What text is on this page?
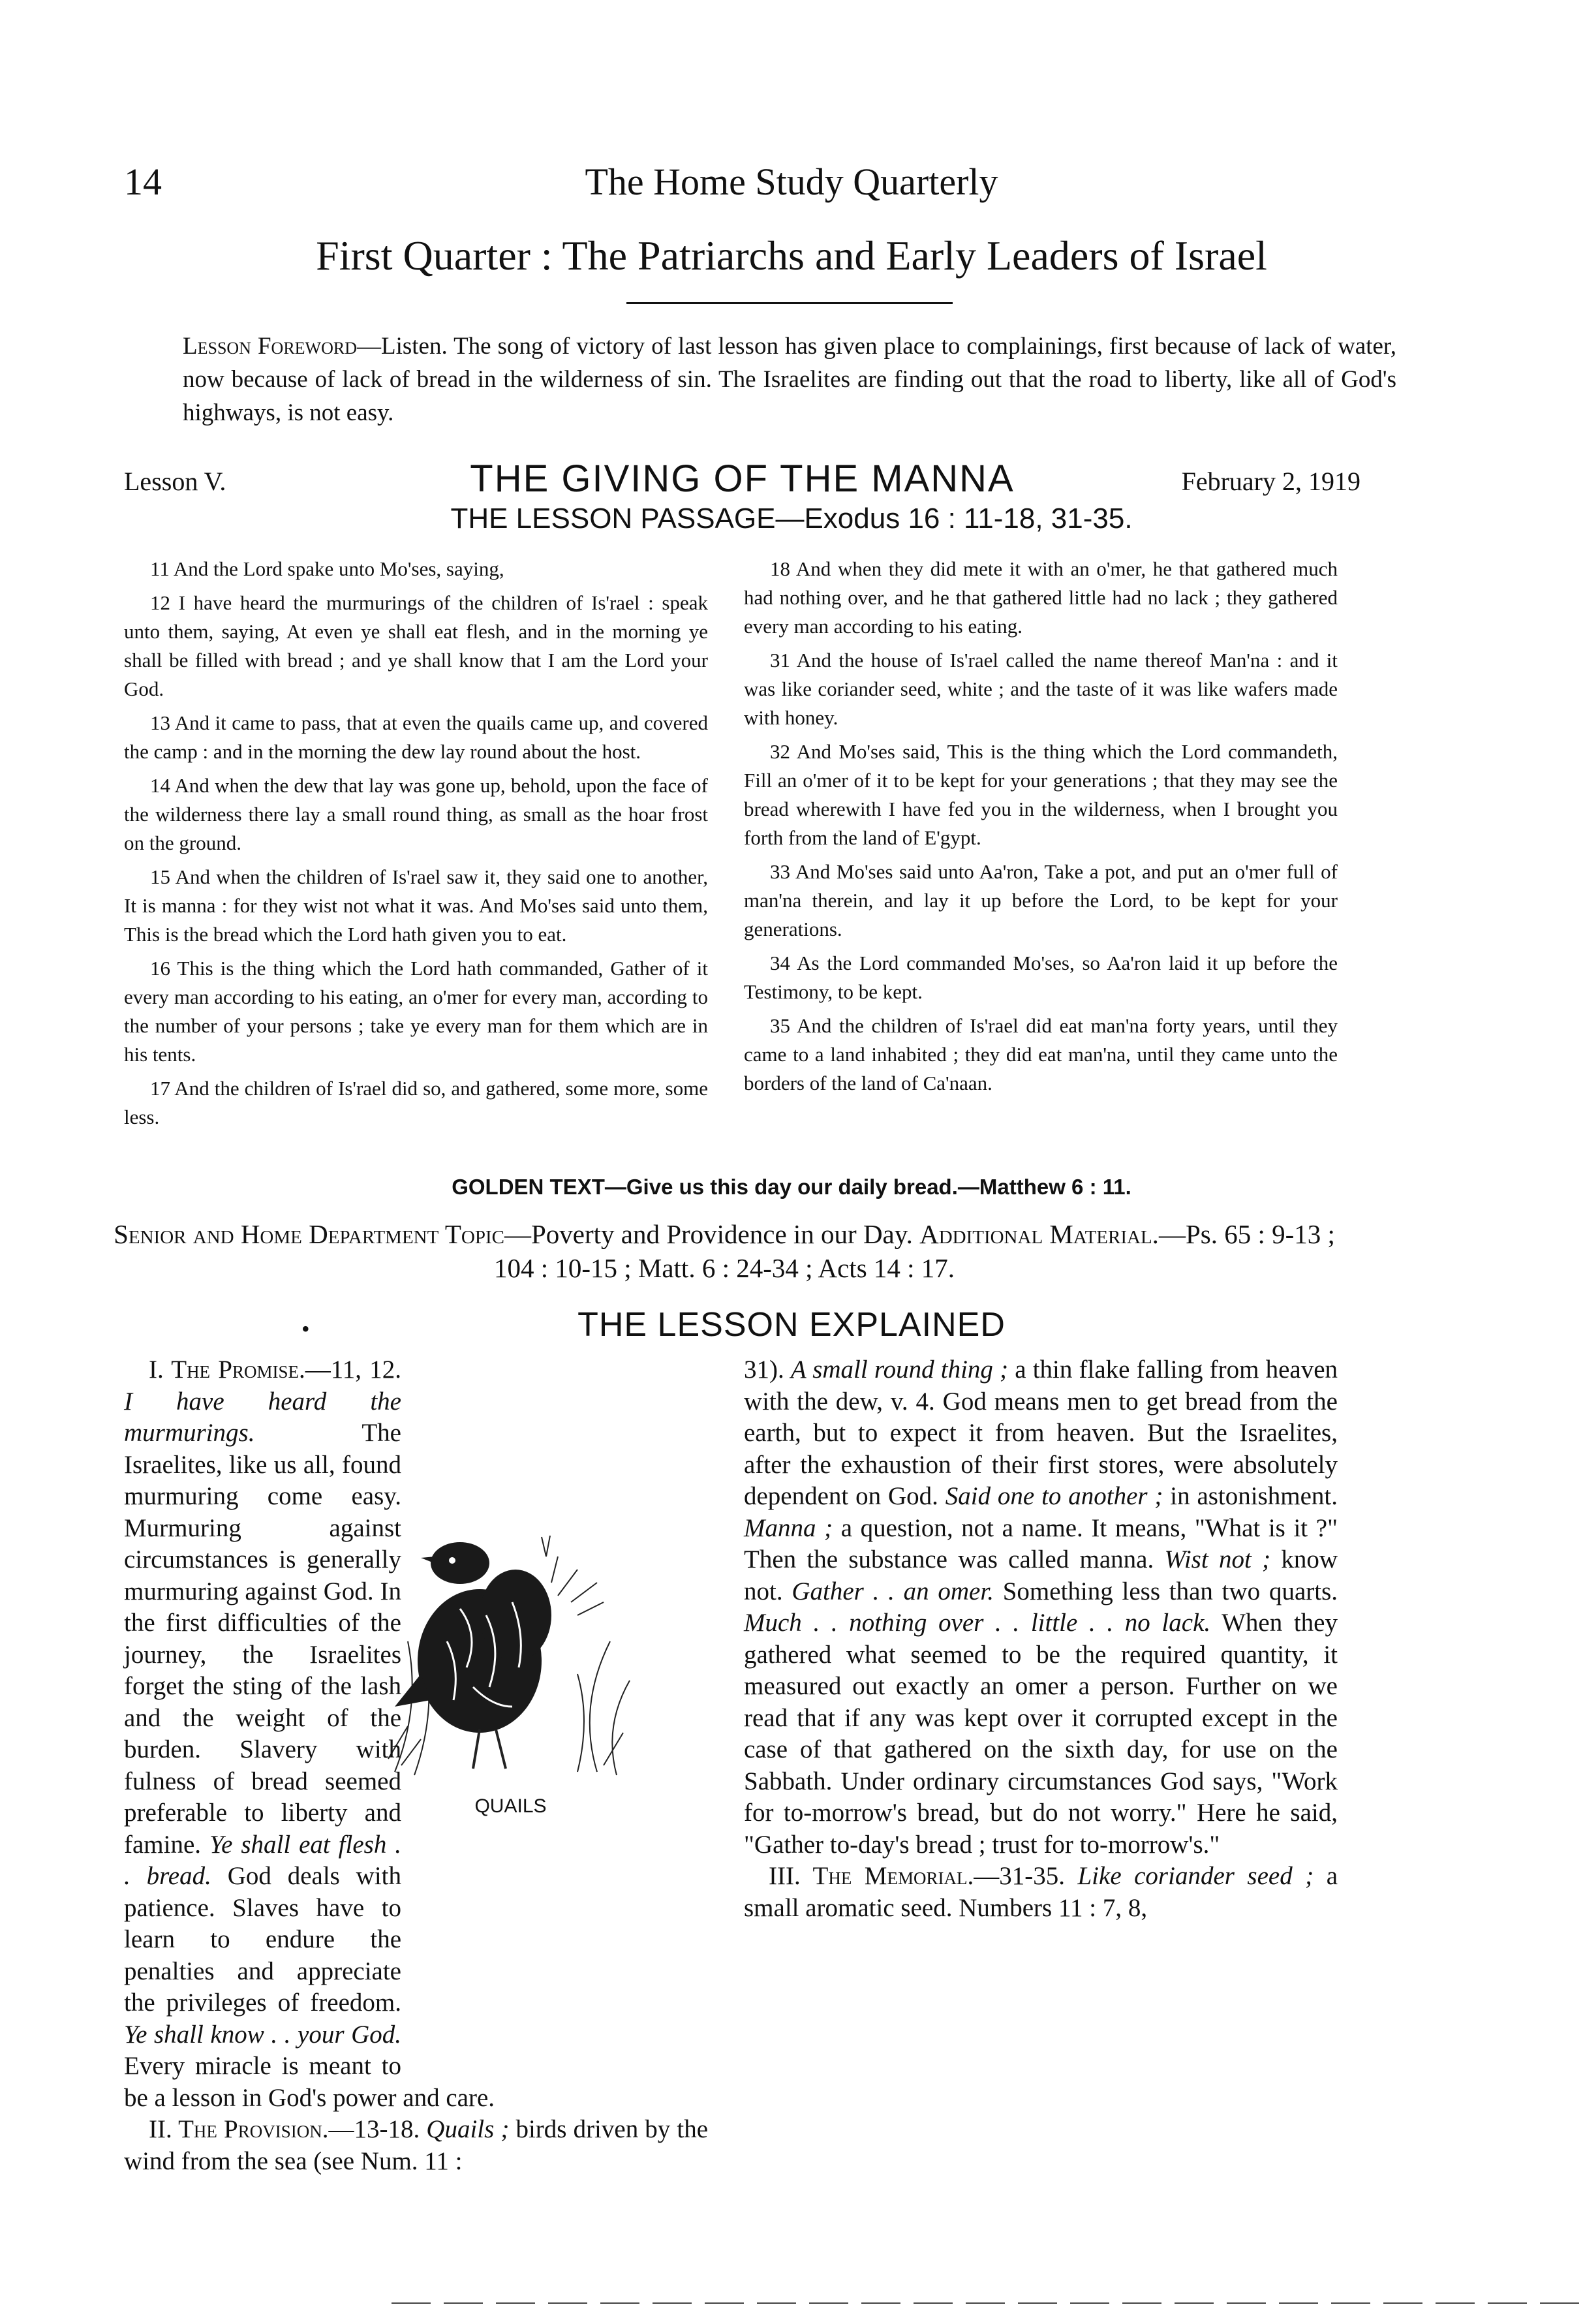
14	The Home Study Quarterly
First Quarter : The Patriarchs and Early Leaders of Israel
Lesson Foreword—Listen. The song of victory of last lesson has given place to complainings, first because of lack of water, now because of lack of bread in the wilderness of sin. The Israelites are finding out that the road to liberty, like all of God's highways, is not easy.
THE GIVING OF THE MANNA
Lesson V.	February 2, 1919
THE LESSON PASSAGE—Exodus 16 : 11-18, 31-35.

11 And the Lord spake unto Mo'ses, saying,

12 I have heard the murmurings of the children of Is'rael : speak unto them, saying, At even ye shall eat flesh, and in the morning ye shall be filled with bread ; and ye shall know that I am the Lord your God.

13 And it came to pass, that at even the quails came up, and covered the camp : and in the morning the dew lay round about the host.

14 And when the dew that lay was gone up, behold, upon the face of the wilderness there lay a small round thing, as small as the hoar frost on the ground.

15 And when the children of Is'rael saw it, they said one to another, It is manna : for they wist not what it was. And Mo'ses said unto them, This is the bread which the Lord hath given you to eat.

16 This is the thing which the Lord hath commanded, Gather of it every man according to his eating, an o'mer for every man, according to the number of your persons ; take ye every man for them which are in his tents.

17 And the children of Is'rael did so, and gathered, some more, some less.

18 And when they did mete it with an o'mer, he that gathered much had nothing over, and he that gathered little had no lack ; they gathered every man according to his eating.

31 And the house of Is'rael called the name thereof Man'na : and it was like coriander seed, white ; and the taste of it was like wafers made with honey.

32 And Mo'ses said, This is the thing which the Lord commandeth, Fill an o'mer of it to be kept for your generations ; that they may see the bread wherewith I have fed you in the wilderness, when I brought you forth from the land of E'gypt.

33 And Mo'ses said unto Aa'ron, Take a pot, and put an o'mer full of man'na therein, and lay it up before the Lord, to be kept for your generations.

34 As the Lord commanded Mo'ses, so Aa'ron laid it up before the Testimony, to be kept.

35 And the children of Is'rael did eat man'na forty years, until they came to a land inhabited ; they did eat man'na, until they came unto the borders of the land of Ca'naan.

GOLDEN TEXT—Give us this day our daily bread.—Matthew 6 : 11.
Senior and Home Department Topic—Poverty and Providence in our Day. Additional Material.—Ps. 65 : 9-13 ; 104 : 10-15 ; Matt. 6 : 24-34 ; Acts 14 : 17.
•	THE LESSON EXPLAINED
QUAILS

I. The Promise.—11, 12. I have heard the murmurings. The Israelites, like us all, found murmuring come easy. Murmuring against circumstances is generally murmuring against God. In the first difficulties of the journey, the Israelites forget the sting of the lash and the weight of the burden. Slavery with fulness of bread seemed preferable to liberty and famine. Ye shall eat flesh . . bread. God deals with patience. Slaves have to learn to endure the penalties and appreciate the privileges of freedom. Ye shall know . . your God. Every miracle is meant to be a lesson in God's power and care.

II. The Provision.—13-18. Quails ; birds driven by the wind from the sea (see Num. 11 :

31). A small round thing ; a thin flake falling from heaven with the dew, v. 4. God means men to get bread from the earth, but to expect it from heaven. But the Israelites, after the exhaustion of their first stores, were absolutely dependent on God. Said one to another ; in astonishment. Manna ; a question, not a name. It means, "What is it ?" Then the substance was called manna. Wist not ; know not. Gather . . an omer. Something less than two quarts. Much . . nothing over . . little . . no lack. When they gathered what seemed to be the required quantity, it measured out exactly an omer a person. Further on we read that if any was kept over it corrupted except in the case of that gathered on the sixth day, for use on the Sabbath. Under ordinary circumstances God says, "Work for to-morrow's bread, but do not worry." Here he said, "Gather to-day's bread ; trust for to-morrow's."

III. The Memorial.—31-35. Like coriander seed ; a small aromatic seed. Numbers 11 : 7, 8,
